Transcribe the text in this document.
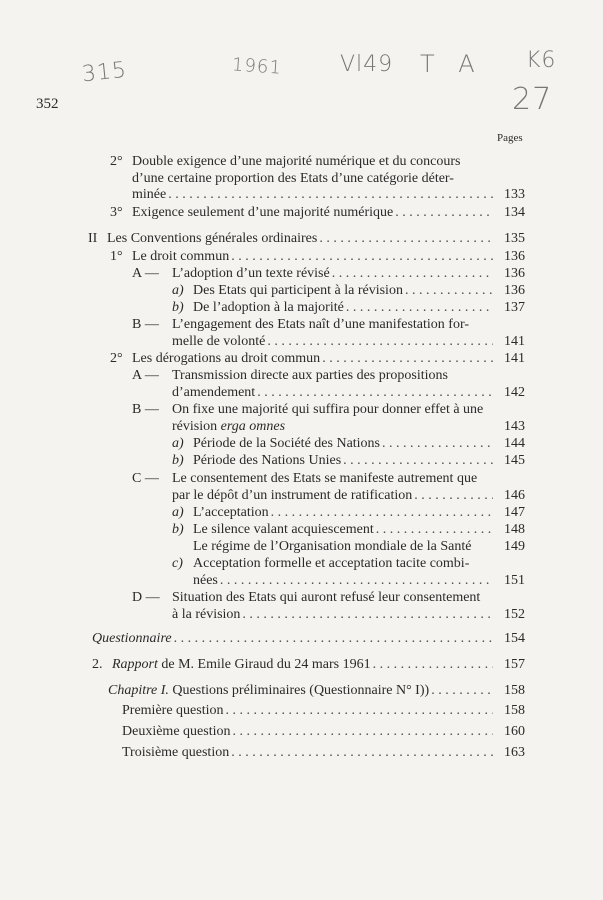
315	1961	Vl49 T A K6
27
352
Pages
2° Double exigence d’une majorité numérique et du concours
d’une certaine proportion des Etats d’une catégorie déter-
minée . . .	133
3° Exigence seulement d’une majorité numérique . . .	134
II Les Conventions générales ordinaires . . .	135
1° Le droit commun . . .	136
A — L’adoption d’un texte révisé . . .	136
a) Des Etats qui participent à la révision . . .	136
b) De l’adoption à la majorité . . .	137
B — L’engagement des Etats naît d’une manifestation for-
melle de volonté . . .	141
2° Les dérogations au droit commun . . .	141
A — Transmission directe aux parties des propositions
d’amendement . . .	142
B — On fixe une majorité qui suffira pour donner effet à une
révision erga omnes	143
a) Période de la Société des Nations . . .	144
b) Période des Nations Unies . . .	145
C — Le consentement des Etats se manifeste autrement que
par le dépôt d’un instrument de ratification . . .	146
a) L’acceptation . . .	147
b) Le silence valant acquiescement . . .	148
Le régime de l’Organisation mondiale de la Santé	149
c) Acceptation formelle et acceptation tacite combi-
nées . . .	151
D — Situation des Etats qui auront refusé leur consentement
à la révision . . .	152
Questionnaire . . .	154
2. Rapport de M. Emile Giraud du 24 mars 1961 . . .	157
Chapitre I. Questions préliminaires (Questionnaire N° I)) . . .	158
Première question . . .	158
Deuxième question . . .	160
Troisième question . . .	163
